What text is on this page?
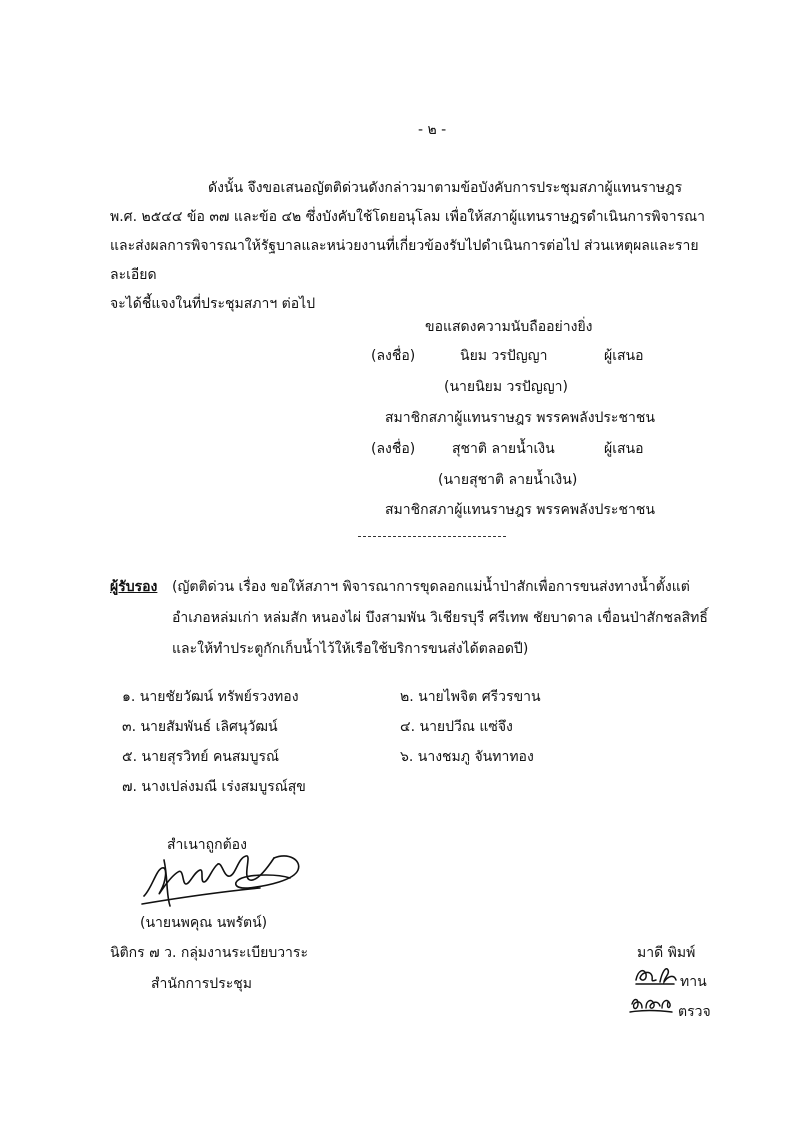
- ๒ -
ดังนั้น จึงขอเสนอญัตติด่วนดังกล่าวมาตามข้อบังคับการประชุมสภาผู้แทนราษฎร
พ.ศ. ๒๕๔๔ ข้อ ๓๗ และข้อ ๔๒ ซึ่งบังคับใช้โดยอนุโลม เพื่อให้สภาผู้แทนราษฎรดำเนินการพิจารณา
และส่งผลการพิจารณาให้รัฐบาลและหน่วยงานที่เกี่ยวข้องรับไปดำเนินการต่อไป ส่วนเหตุผลและรายละเอียด
จะได้ชี้แจงในที่ประชุมสภาฯ ต่อไป
ขอแสดงความนับถืออย่างยิ่ง
(ลงชื่อ)	นิยม วรปัญญา	ผู้เสนอ
(นายนิยม วรปัญญา)
สมาชิกสภาผู้แทนราษฎร พรรคพลังประชาชน
(ลงชื่อ)	สุชาติ ลายน้ำเงิน	ผู้เสนอ
(นายสุชาติ ลายน้ำเงิน)
สมาชิกสภาผู้แทนราษฎร พรรคพลังประชาชน
ผู้รับรอง (ญัตติด่วน เรื่อง ขอให้สภาฯ พิจารณาการขุดลอกแม่น้ำป่าสักเพื่อการขนส่งทางน้ำตั้งแต่
อำเภอหล่มเก่า หล่มสัก หนองไผ่ บึงสามพัน วิเชียรบุรี ศรีเทพ ชัยบาดาล เขื่อนป่าสักชลสิทธิ์
และให้ทำประตูกักเก็บน้ำไว้ให้เรือใช้บริการขนส่งได้ตลอดปี)
๑. นายชัยวัฒน์ ทรัพย์รวงทอง	๒. นายไพจิต ศรีวรขาน
๓. นายสัมพันธ์ เลิศนุวัฒน์	๔. นายปวีณ แซ่จึง
๕. นายสุรวิทย์ คนสมบูรณ์	๖. นางชมภู จันทาทอง
๗. นางเปล่งมณี เร่งสมบูรณ์สุข
สำเนาถูกต้อง
(นายนพคุณ นพรัตน์)
นิติกร ๗ ว. กลุ่มงานระเบียบวาระ
สำนักการประชุม
มาดี พิมพ์
ทาน
ตรวจ
